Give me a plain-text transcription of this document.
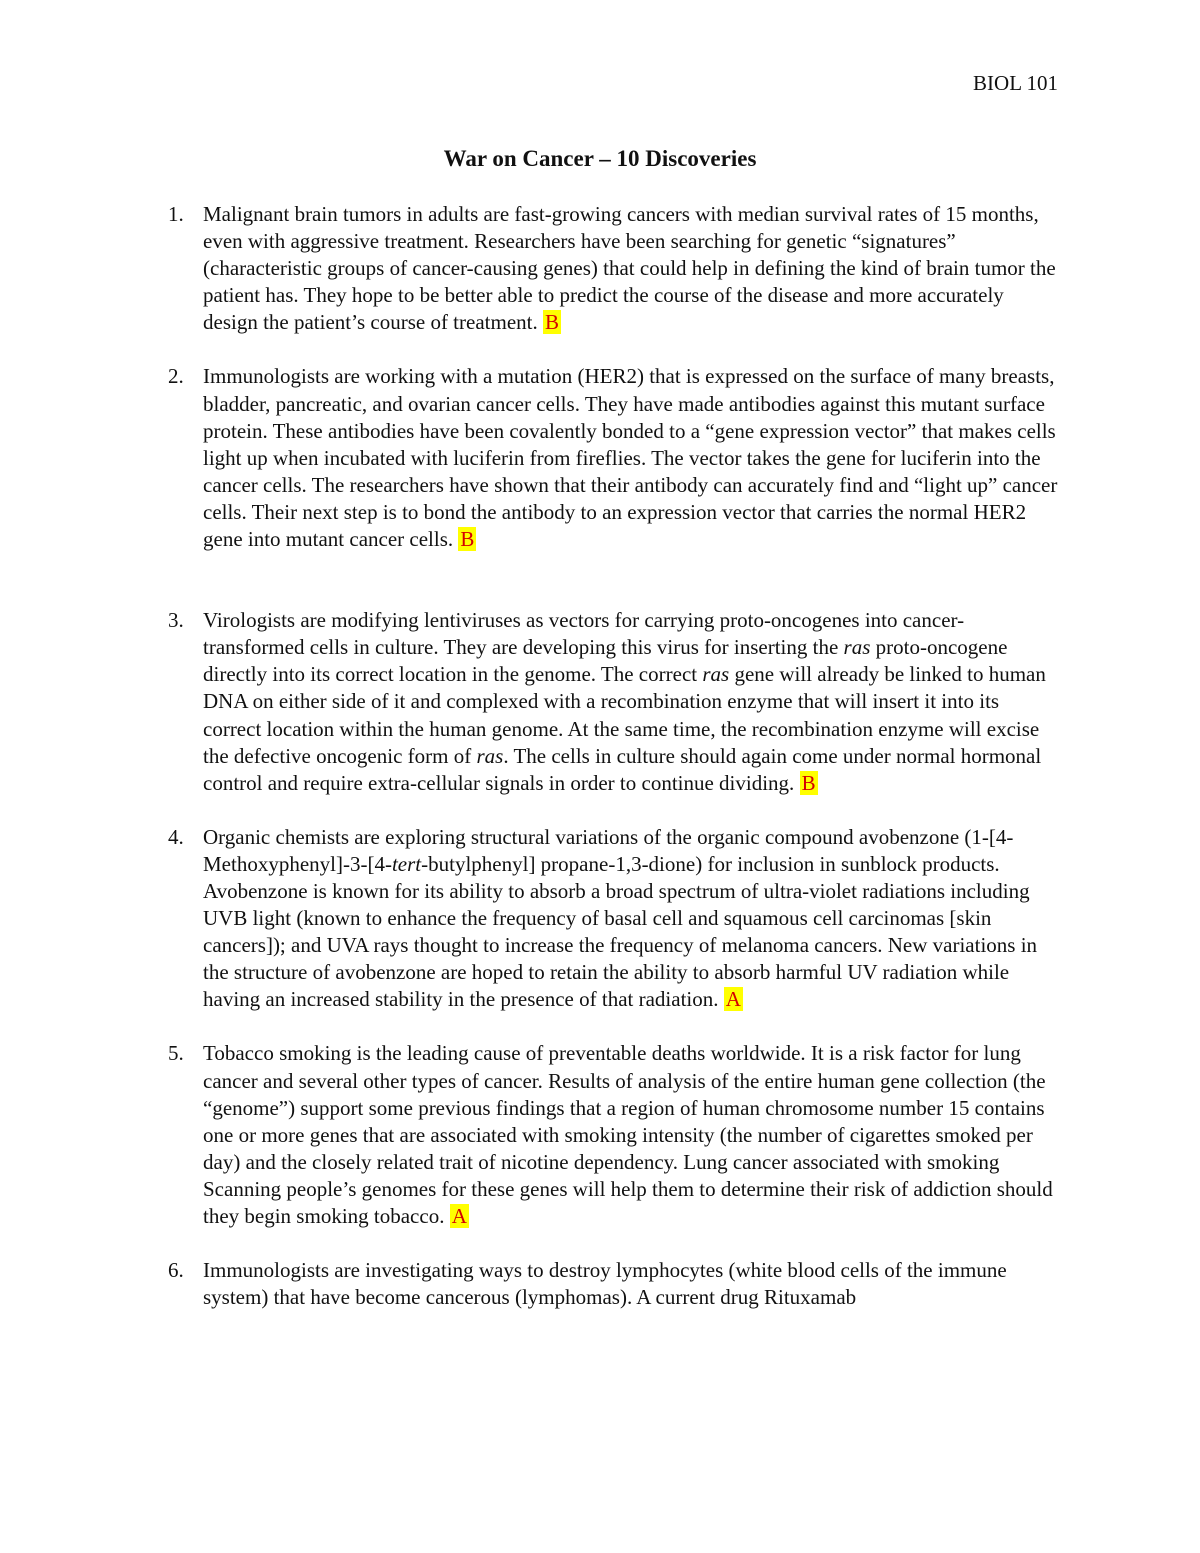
BIOL 101
War on Cancer – 10 Discoveries
1. Malignant brain tumors in adults are fast-growing cancers with median survival rates of 15 months, even with aggressive treatment. Researchers have been searching for genetic “signatures” (characteristic groups of cancer-causing genes) that could help in defining the kind of brain tumor the patient has. They hope to be better able to predict the course of the disease and more accurately design the patient’s course of treatment. B
2. Immunologists are working with a mutation (HER2) that is expressed on the surface of many breasts, bladder, pancreatic, and ovarian cancer cells. They have made antibodies against this mutant surface protein. These antibodies have been covalently bonded to a “gene expression vector” that makes cells light up when incubated with luciferin from fireflies. The vector takes the gene for luciferin into the cancer cells. The researchers have shown that their antibody can accurately find and “light up” cancer cells. Their next step is to bond the antibody to an expression vector that carries the normal HER2 gene into mutant cancer cells. B
3. Virologists are modifying lentiviruses as vectors for carrying proto-oncogenes into cancer-transformed cells in culture. They are developing this virus for inserting the ras proto-oncogene directly into its correct location in the genome. The correct ras gene will already be linked to human DNA on either side of it and complexed with a recombination enzyme that will insert it into its correct location within the human genome. At the same time, the recombination enzyme will excise the defective oncogenic form of ras. The cells in culture should again come under normal hormonal control and require extra-cellular signals in order to continue dividing. B
4. Organic chemists are exploring structural variations of the organic compound avobenzone (1-[4-Methoxyphenyl]-3-[4-tert-butylphenyl] propane-1,3-dione) for inclusion in sunblock products. Avobenzone is known for its ability to absorb a broad spectrum of ultra-violet radiations including UVB light (known to enhance the frequency of basal cell and squamous cell carcinomas [skin cancers]); and UVA rays thought to increase the frequency of melanoma cancers. New variations in the structure of avobenzone are hoped to retain the ability to absorb harmful UV radiation while having an increased stability in the presence of that radiation. A
5. Tobacco smoking is the leading cause of preventable deaths worldwide. It is a risk factor for lung cancer and several other types of cancer. Results of analysis of the entire human gene collection (the “genome”) support some previous findings that a region of human chromosome number 15 contains one or more genes that are associated with smoking intensity (the number of cigarettes smoked per day) and the closely related trait of nicotine dependency. Lung cancer associated with smoking Scanning people’s genomes for these genes will help them to determine their risk of addiction should they begin smoking tobacco. A
6. Immunologists are investigating ways to destroy lymphocytes (white blood cells of the immune system) that have become cancerous (lymphomas). A current drug Rituxamab
